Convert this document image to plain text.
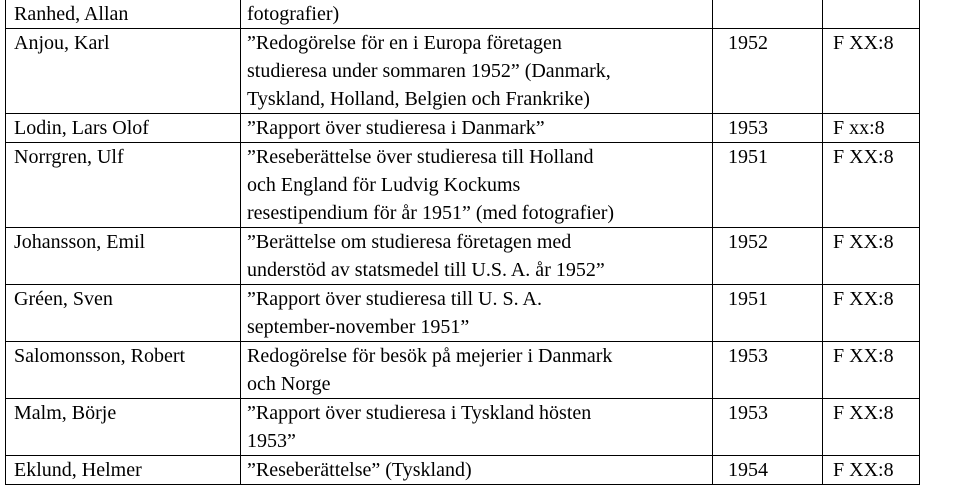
Ranhed, Allan	fotografier)		

Anjou, Karl	”Redogörelse för en i Europa företagen
studieresa under sommaren 1952” (Danmark,
Tyskland, Holland, Belgien och Frankrike)	1952	F XX:8
Lodin, Lars Olof	”Rapport över studieresa i Danmark”	1953	F xx:8
Norrgren, Ulf	”Reseberättelse över studieresa till Holland
och England för Ludvig Kockums
resestipendium för år 1951” (med fotografier)	1951	F XX:8
Johansson, Emil	”Berättelse om studieresa företagen med
understöd av statsmedel till U.S. A. år 1952”	1952	F XX:8
Gréen, Sven	”Rapport över studieresa till U. S. A.
september-november 1951”	1951	F XX:8
Salomonsson, Robert	Redogörelse för besök på mejerier i Danmark
och Norge	1953	F XX:8
Malm, Börje	”Rapport över studieresa i Tyskland hösten
1953”	1953	F XX:8
Eklund, Helmer	”Reseberättelse” (Tyskland)	1954	F XX:8
